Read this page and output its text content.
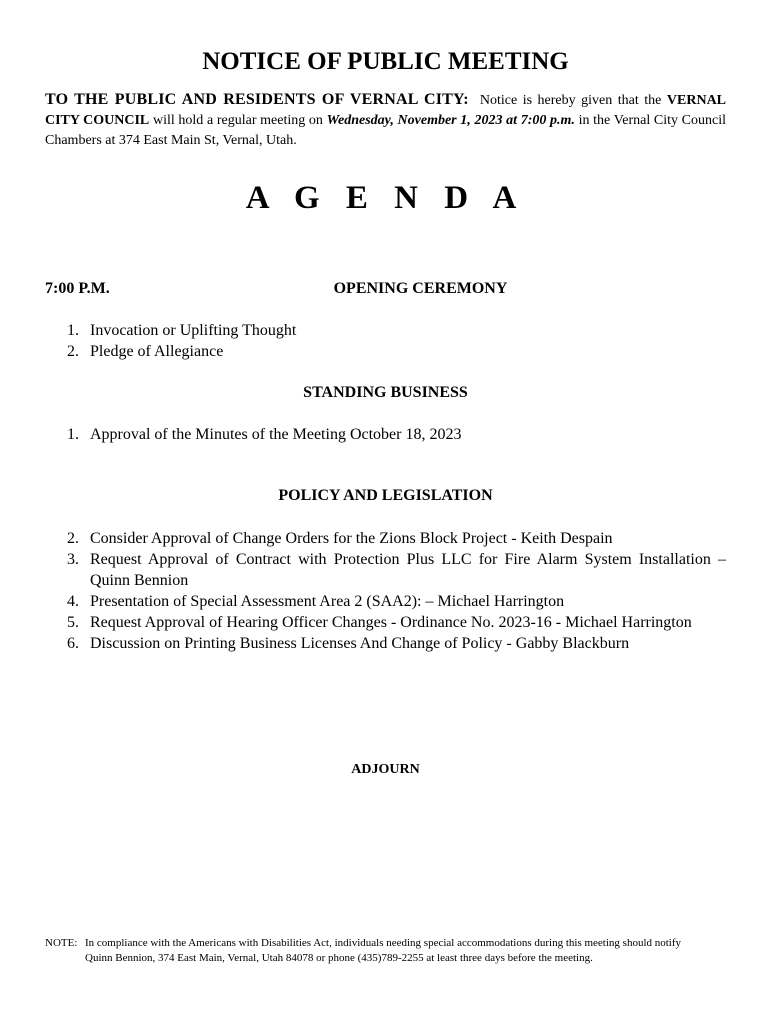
NOTICE OF PUBLIC MEETING
TO THE PUBLIC AND RESIDENTS OF VERNAL CITY: Notice is hereby given that the VERNAL CITY COUNCIL will hold a regular meeting on Wednesday, November 1, 2023 at 7:00 p.m. in the Vernal City Council Chambers at 374 East Main St, Vernal, Utah.
A G E N D A
7:00 P.M.	OPENING CEREMONY
1. Invocation or Uplifting Thought
2. Pledge of Allegiance
STANDING BUSINESS
1. Approval of the Minutes of the Meeting October 18, 2023
POLICY AND LEGISLATION
2. Consider Approval of Change Orders for the Zions Block Project - Keith Despain
3. Request Approval of Contract with Protection Plus LLC for Fire Alarm System Installation – Quinn Bennion
4. Presentation of Special Assessment Area 2 (SAA2): – Michael Harrington
5. Request Approval of Hearing Officer Changes - Ordinance No. 2023-16 - Michael Harrington
6. Discussion on Printing Business Licenses And Change of Policy - Gabby Blackburn
ADJOURN
NOTE: In compliance with the Americans with Disabilities Act, individuals needing special accommodations during this meeting should notify Quinn Bennion, 374 East Main, Vernal, Utah 84078 or phone (435)789-2255 at least three days before the meeting.
